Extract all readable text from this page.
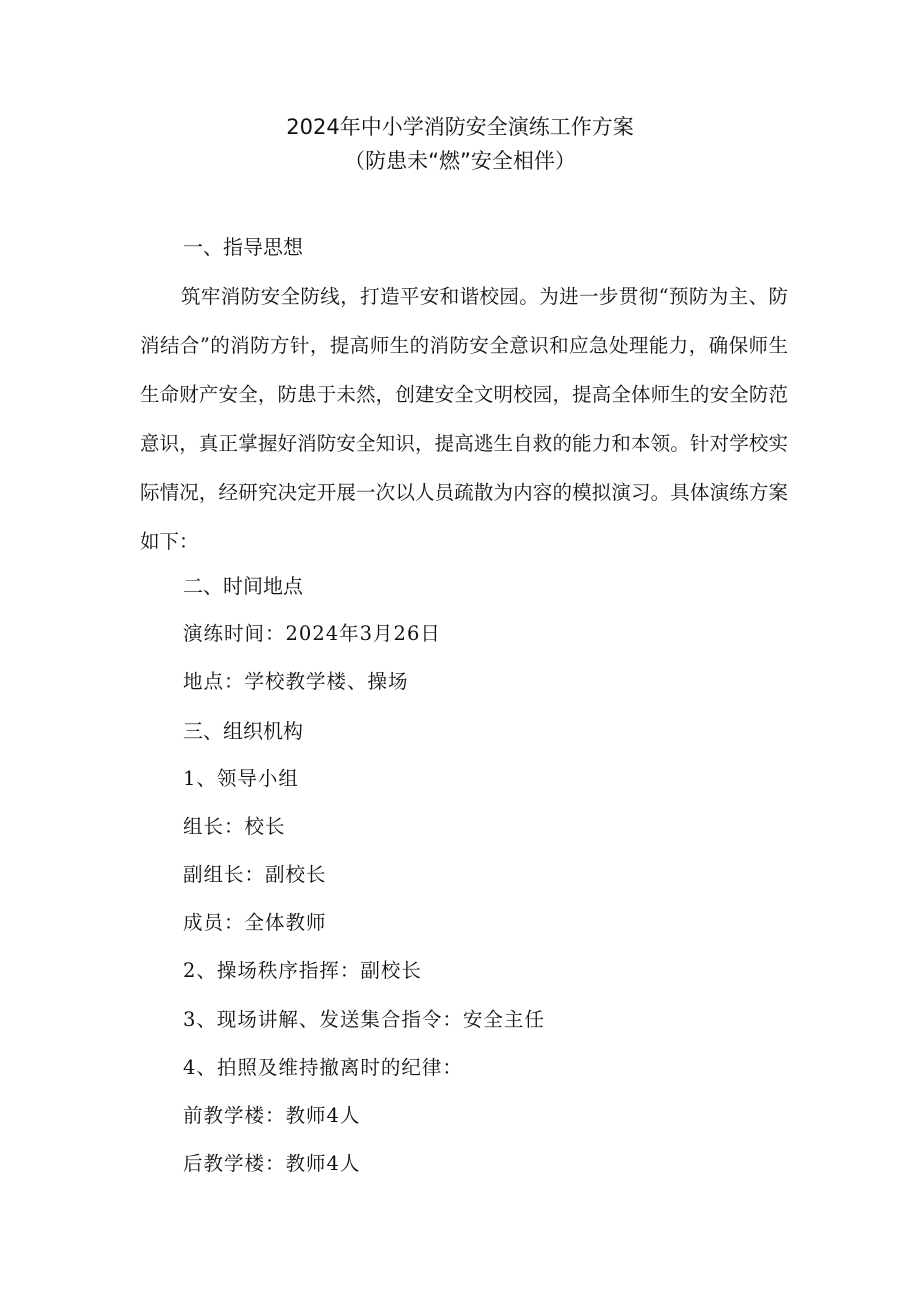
2024年中小学消防安全演练工作方案
（防患未“燃”安全相伴）
一、指导思想
筑牢消防安全防线，打造平安和谐校园。为进一步贯彻“预防为主、防消结合”的消防方针，提高师生的消防安全意识和应急处理能力，确保师生生命财产安全，防患于未然，创建安全文明校园，提高全体师生的安全防范意识，真正掌握好消防安全知识，提高逃生自救的能力和本领。针对学校实际情况，经研究决定开展一次以人员疏散为内容的模拟演习。具体演练方案如下：
二、时间地点
演练时间：2024年3月26日
地点：学校教学楼、操场
三、组织机构
1、领导小组
组长：校长
副组长：副校长
成员：全体教师
2、操场秩序指挥：副校长
3、现场讲解、发送集合指令：安全主任
4、拍照及维持撤离时的纪律：
前教学楼：教师4人
后教学楼：教师4人
